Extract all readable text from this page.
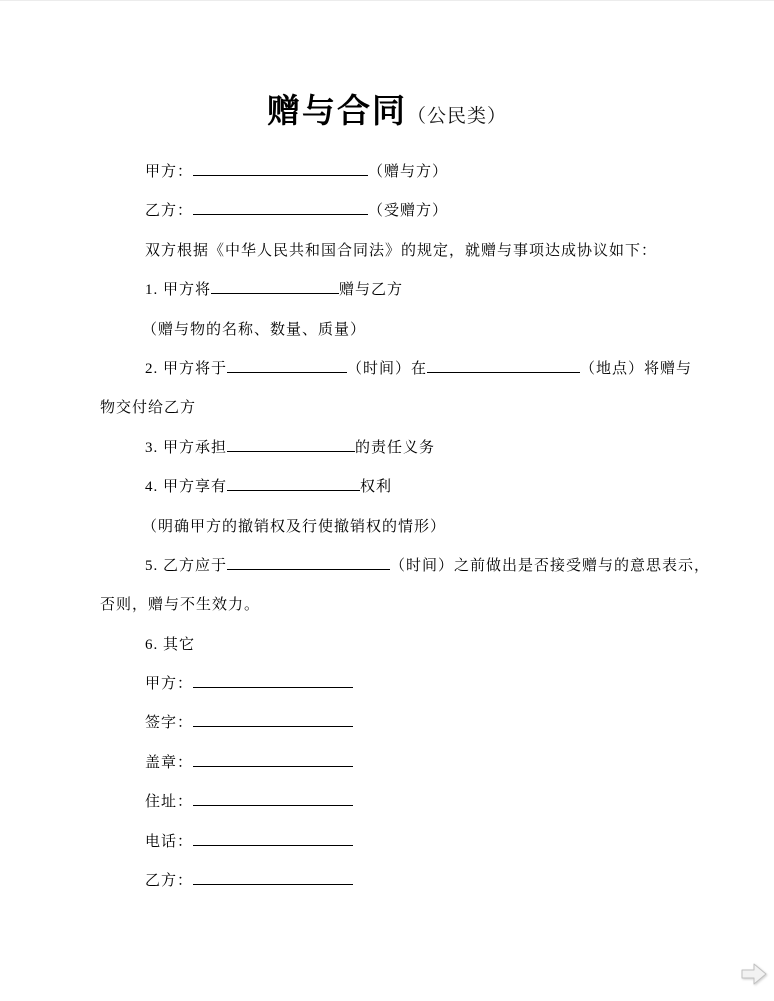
赠与合同（公民类）
甲方：	（赠与方）
乙方：	（受赠方）
双方根据《中华人民共和国合同法》的规定，就赠与事项达成协议如下：
1. 甲方将	赠与乙方
（赠与物的名称、数量、质量）
2. 甲方将于	（时间）在	（地点）将赠与
物交付给乙方
3. 甲方承担	的责任义务
4. 甲方享有	权利
（明确甲方的撤销权及行使撤销权的情形）
5. 乙方应于	（时间）之前做出是否接受赠与的意思表示，
否则，赠与不生效力。
6. 其它
甲方：
签字：
盖章：
住址：
电话：
乙方：
